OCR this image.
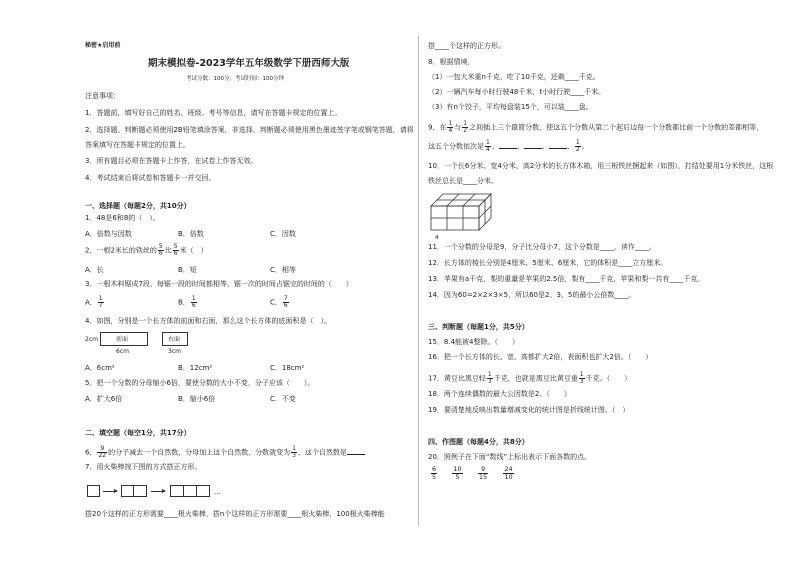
秘密★启用前
期末模拟卷-2023学年五年级数学下册西师大版
考试分数：100分；考试时间：100分钟
注意事项：
1．答题前，填写好自己的姓名、班级、考号等信息，请写在答题卡规定的位置上。
2．选择题、判断题必须使用2B铅笔填涂答案，非选择、判断题必须使用黑色墨迹签字笔或钢笔答题，请将
答案填写在答题卡规定的位置上。
3．所有题目必须在答题卡上作答，在试卷上作答无效。
4．考试结束后将试卷和答题卡一并交回。
一、选择题（每题2分，共10分）
1．48是6和8的（　）。
A．倍数与因数	B．倍数	C．因数
2．一根2米长的铁丝的 $\frac{5}{6}$ 比 $\frac{5}{6}$ 米（　）
A．长	B．短	C．相等
3．一根木料锯成7段，每锯一段的时间都相等，锯一次的时间占锯完的时间的（　　）
A． $\frac{1}{7}$	B． $\frac{1}{6}$	C． $\frac{7}{6}$
4．如图，分别是一个长方体的前面和右面，那么这个长方体的底面积是（　）。
2cm	前面
6cm
右面
3cm
A．6cm²	B．12cm²	C．18cm²
5．把一个分数的分母缩小6倍，要使分数的大小不变，分子应该（　　）。
A．扩大6倍	B．缩小6倍	C．不变
二、填空题（每空1分，共17分）
6． $\frac{9}{22}$ 的分子减去一个自然数，分母加上这个自然数，分数就变为 $\frac{1}{3}$ ，这个自然数是
7．用火柴棒按下图的方式搭正方形。
…
搭20个这样的正方形需要____根火柴棒，搭n个这样的正方形需要____根火柴棒，100根火柴棒能
搭____个这样的正方形。
8．根据情境，
（1）一包大米重n千克，吃了10千克，还剩____千克。
（2）一辆汽车每小时行驶48千米，t小时行驶____千米。
（3）有n个饺子，平均每盘装15个，可以装____盘。
9．在 $\frac{1}{4}$ 与 $\frac{1}{2}$ 之间插上三个最简分数，使这五个分数从第二个起后边每一个分数都比前一个分数的差都相等，
这五个分数依次是 $\frac{1}{4}$ 、	、	、	、 $\frac{1}{2}$ 。
10．一个长6分米、宽4分米，高2分米的长方体木箱，用三根铁丝捆起来（如图），打结处要用1分米铁丝，这根
铁丝总长是____分米。
4
11．一个分数的分母是9，分子比分母小7，这个分数是____，读作____。
12．长方体的棱长分别是4厘米、5厘米、6厘米，它的体积是____立方厘米。
13．苹果有a千克，梨的重量是苹果的2.5倍，梨有____千克，苹果和梨一共有____千克。
14．因为60=2×2×3×5，所以60是2、3、5的最小公倍数____。
三、判断题（每题1分，共5分）
15．8.4能被4整除。（　　）
16．把一个长方体的长、宽、高都扩大2倍，表面积也扩大2倍。（　　）
17．黄豆比黑豆轻 $\frac{1}{3}$ 千克，也就是黑豆比黄豆重 $\frac{1}{3}$ 千克。（　　）
18．两个连续偶数的最大公因数是2。（　　）
19．要清楚地反映出数量增减变化的统计图是折线统计图。（　）
四、作图题（每题4分，共8分）
20．照例子在下面“数线”上标出表示下面各数的点。
$\frac{6}{5}$
$\frac{10}{5}$
$\frac{9}{15}$
$\frac{24}{10}$
